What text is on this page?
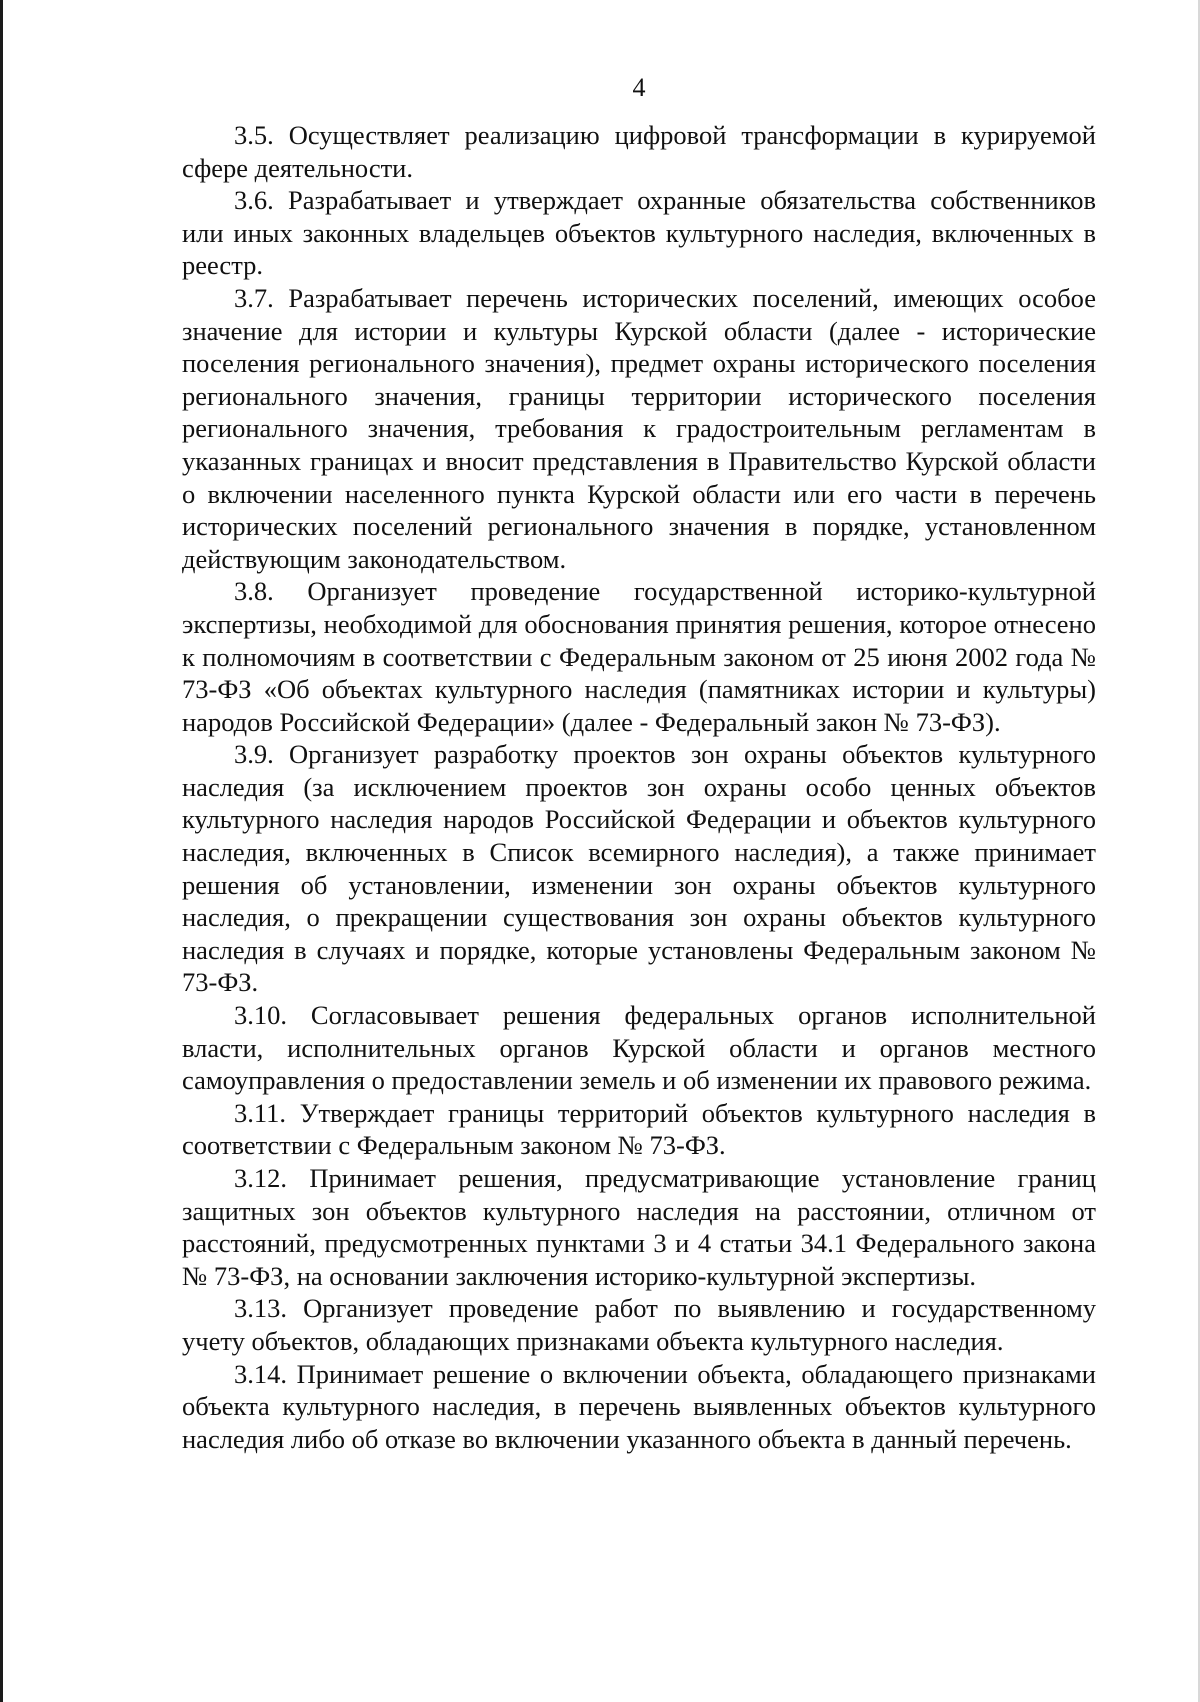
4

3.5. Осуществляет реализацию цифровой трансформации в курируемой сфере деятельности.

3.6. Разрабатывает и утверждает охранные обязательства собственников или иных законных владельцев объектов культурного наследия, включенных в реестр.

3.7. Разрабатывает перечень исторических поселений, имеющих особое значение для истории и культуры Курской области (далее - исторические поселения регионального значения), предмет охраны исторического поселения регионального значения, границы территории исторического поселения регионального значения, требования к градостроительным регламентам в указанных границах и вносит представления в Правительство Курской области о включении населенного пункта Курской области или его части в перечень исторических поселений регионального значения в порядке, установленном действующим законодательством.

3.8. Организует проведение государственной историко-культурной экспертизы, необходимой для обоснования принятия решения, которое отнесено к полномочиям в соответствии с Федеральным законом от 25 июня 2002 года № 73-ФЗ «Об объектах культурного наследия (памятниках истории и культуры) народов Российской Федерации» (далее - Федеральный закон № 73-ФЗ).

3.9. Организует разработку проектов зон охраны объектов культурного наследия (за исключением проектов зон охраны особо ценных объектов культурного наследия народов Российской Федерации и объектов культурного наследия, включенных в Список всемирного наследия), а также принимает решения об установлении, изменении зон охраны объектов культурного наследия, о прекращении существования зон охраны объектов культурного наследия в случаях и порядке, которые установлены Федеральным законом № 73-ФЗ.

3.10. Согласовывает решения федеральных органов исполнительной власти, исполнительных органов Курской области и органов местного самоуправления о предоставлении земель и об изменении их правового режима.

3.11. Утверждает границы территорий объектов культурного наследия в соответствии с Федеральным законом № 73-ФЗ.

3.12. Принимает решения, предусматривающие установление границ защитных зон объектов культурного наследия на расстоянии, отличном от расстояний, предусмотренных пунктами 3 и 4 статьи 34.1 Федерального закона № 73-ФЗ, на основании заключения историко-культурной экспертизы.

3.13. Организует проведение работ по выявлению и государственному учету объектов, обладающих признаками объекта культурного наследия.

3.14. Принимает решение о включении объекта, обладающего признаками объекта культурного наследия, в перечень выявленных объектов культурного наследия либо об отказе во включении указанного объекта в данный перечень.
